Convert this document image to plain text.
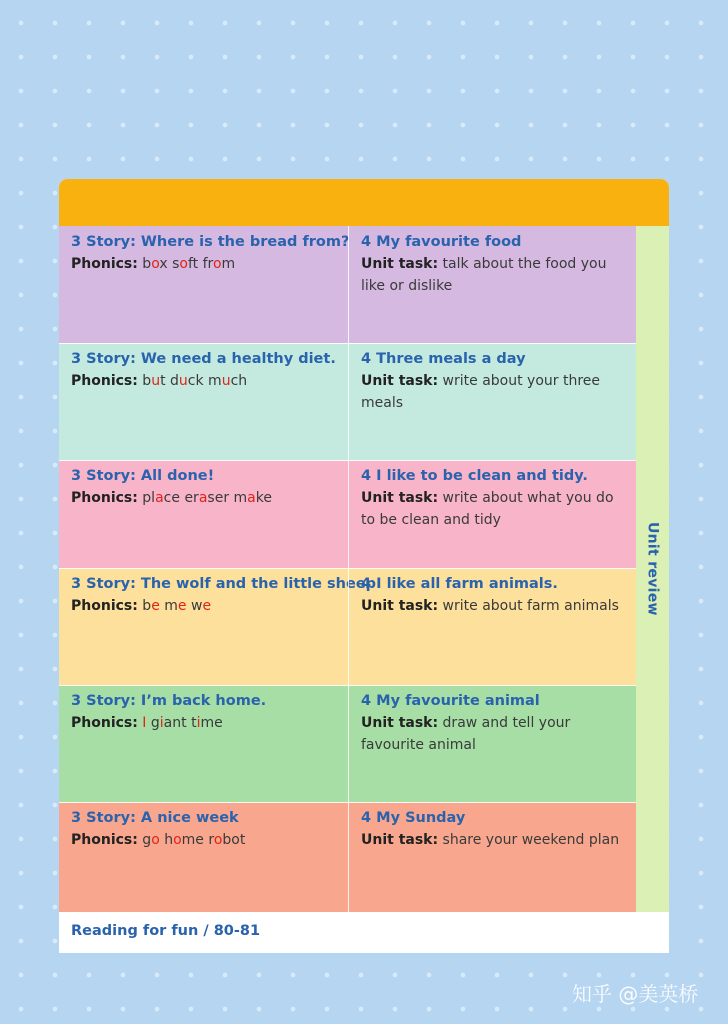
3 Story: Where is the bread from?
Phonics: box soft from
4 My favourite food
Unit task: talk about the food you like or dislike
3 Story: We need a healthy diet.
Phonics: but duck much
4 Three meals a day
Unit task: write about your three meals
3 Story: All done!
Phonics: place eraser make
4 I like to be clean and tidy.
Unit task: write about what you do to be clean and tidy
3 Story: The wolf and the little sheep
Phonics: be me we
4 I like all farm animals.
Unit task: write about farm animals
3 Story: I’m back home.
Phonics: I giant time
4 My favourite animal
Unit task: draw and tell your favourite animal
3 Story: A nice week
Phonics: go home robot
4 My Sunday
Unit task: share your weekend plan
Unit review
Reading for fun / 80-81
知乎 @美英桥
